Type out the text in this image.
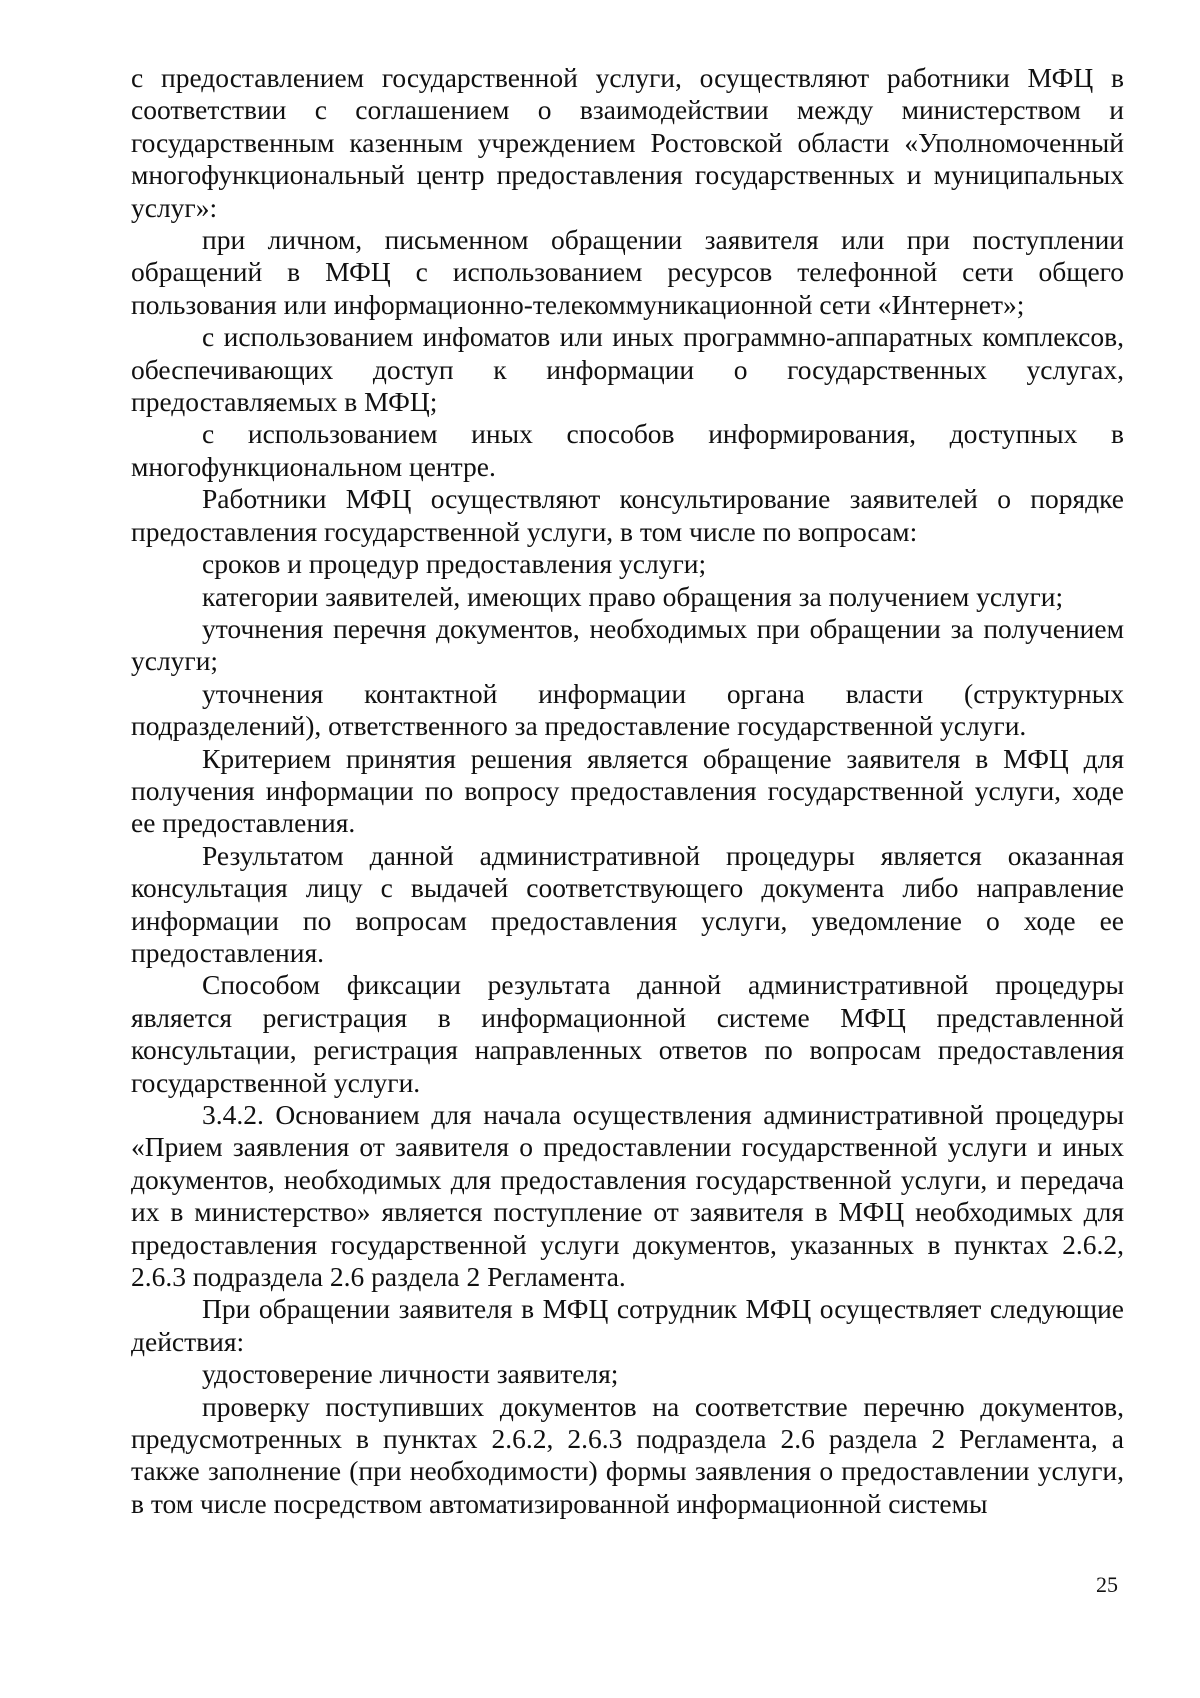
с предоставлением государственной услуги, осуществляют работники МФЦ в соответствии с соглашением о взаимодействии между министерством и государственным казенным учреждением Ростовской области «Уполномоченный многофункциональный центр предоставления государственных и муниципальных услуг»:

при личном, письменном обращении заявителя или при поступлении обращений в МФЦ с использованием ресурсов телефонной сети общего пользования или информационно-телекоммуникационной сети «Интернет»;

с использованием инфоматов или иных программно-аппаратных комплексов, обеспечивающих доступ к информации о государственных услугах, предоставляемых в МФЦ;

с использованием иных способов информирования, доступных в многофункциональном центре.

Работники МФЦ осуществляют консультирование заявителей о порядке предоставления государственной услуги, в том числе по вопросам:

сроков и процедур предоставления услуги;

категории заявителей, имеющих право обращения за получением услуги;

уточнения перечня документов, необходимых при обращении за получением услуги;

уточнения контактной информации органа власти (структурных подразделений), ответственного за предоставление государственной услуги.

Критерием принятия решения является обращение заявителя в МФЦ для получения информации по вопросу предоставления государственной услуги, ходе ее предоставления.

Результатом данной административной процедуры является оказанная консультация лицу с выдачей соответствующего документа либо направление информации по вопросам предоставления услуги, уведомление о ходе ее предоставления.

Способом фиксации результата данной административной процедуры является регистрация в информационной системе МФЦ представленной консультации, регистрация направленных ответов по вопросам предоставления государственной услуги.

3.4.2. Основанием для начала осуществления административной процедуры «Прием заявления от заявителя о предоставлении государственной услуги и иных документов, необходимых для предоставления государственной услуги, и передача их в министерство» является поступление от заявителя в МФЦ необходимых для предоставления государственной услуги документов, указанных в пунктах 2.6.2, 2.6.3 подраздела 2.6 раздела 2 Регламента.

При обращении заявителя в МФЦ сотрудник МФЦ осуществляет следующие действия:

удостоверение личности заявителя;

проверку поступивших документов на соответствие перечню документов, предусмотренных в пунктах 2.6.2, 2.6.3 подраздела 2.6 раздела 2 Регламента, а также заполнение (при необходимости) формы заявления о предоставлении услуги, в том числе посредством автоматизированной информационной системы

25
